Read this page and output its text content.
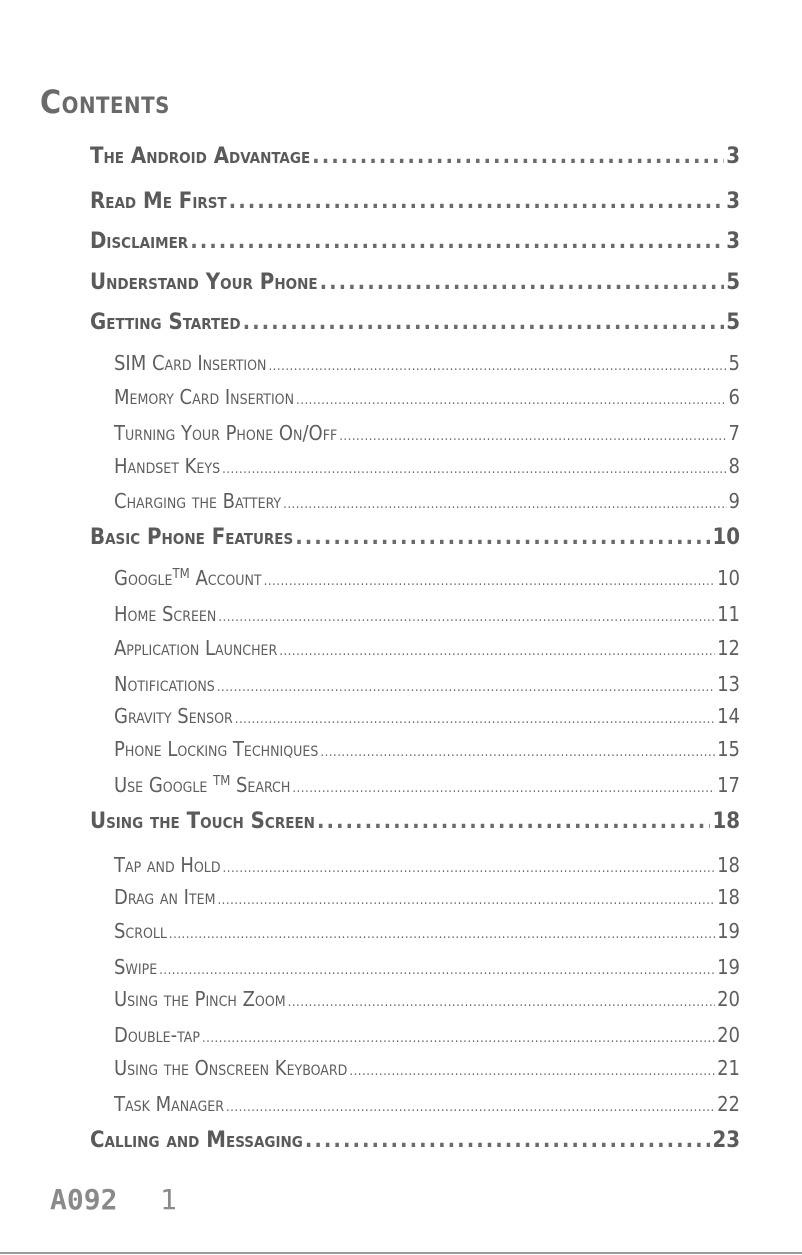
Contents
The Android Advantage .....	3
Read Me First .....	3
Disclaimer .....	3
Understand Your Phone .....	5
Getting Started .....	5
SIM Card Insertion .....	5
Memory Card Insertion .....	6
Turning Your Phone On/Off .....	7
Handset Keys .....	8
Charging the Battery .....	9
Basic Phone Features .....	10
Google™ Account .....	10
Home Screen .....	11
Application Launcher .....	12
Notifications .....	13
Gravity Sensor .....	14
Phone Locking Techniques .....	15
Use Google ™ Search .....	17
Using the Touch Screen .....	18
Tap and Hold .....	18
Drag an Item .....	18
Scroll .....	19
Swipe .....	19
Using the Pinch Zoom .....	20
Double-tap .....	20
Using the Onscreen Keyboard .....	21
Task Manager .....	22
Calling and Messaging .....	23
A092 1
